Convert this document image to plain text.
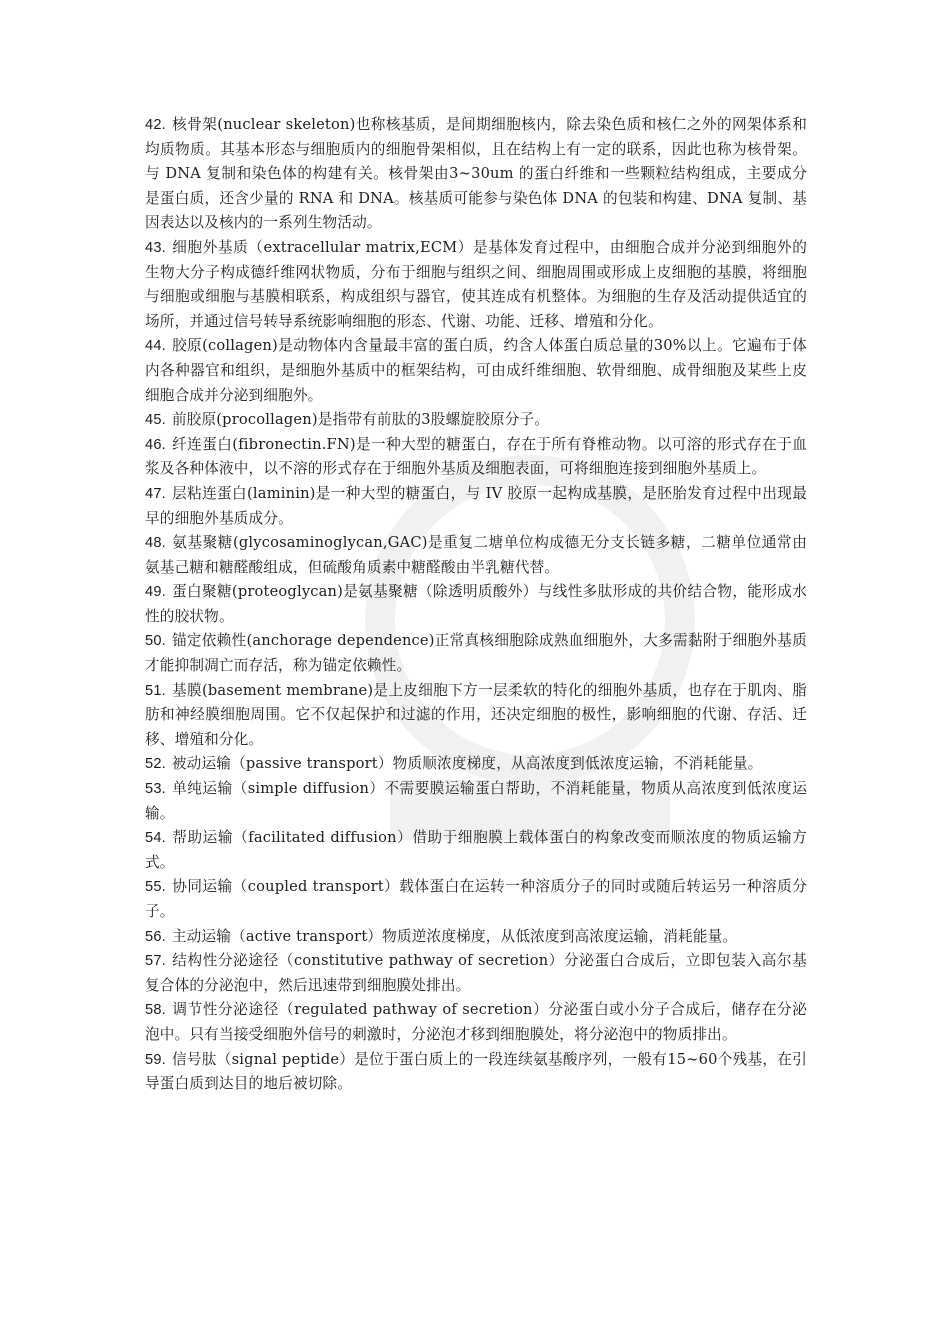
42. 核骨架(nuclear skeleton)也称核基质，是间期细胞核内，除去染色质和核仁之外的网架体系和均质物质。其基本形态与细胞质内的细胞骨架相似，且在结构上有一定的联系，因此也称为核骨架。与 DNA 复制和染色体的构建有关。核骨架由3~30um 的蛋白纤维和一些颗粒结构组成，主要成分是蛋白质，还含少量的 RNA 和 DNA。核基质可能参与染色体 DNA 的包装和构建、DNA 复制、基因表达以及核内的一系列生物活动。

43. 细胞外基质（extracellular matrix,ECM）是基体发育过程中，由细胞合成并分泌到细胞外的生物大分子构成德纤维网状物质，分布于细胞与组织之间、细胞周围或形成上皮细胞的基膜，将细胞与细胞或细胞与基膜相联系，构成组织与器官，使其连成有机整体。为细胞的生存及活动提供适宜的场所，并通过信号转导系统影响细胞的形态、代谢、功能、迁移、增殖和分化。

44. 胶原(collagen)是动物体内含量最丰富的蛋白质，约含人体蛋白质总量的30%以上。它遍布于体内各种器官和组织，是细胞外基质中的框架结构，可由成纤维细胞、软骨细胞、成骨细胞及某些上皮细胞合成并分泌到细胞外。

45. 前胶原(procollagen)是指带有前肽的3股螺旋胶原分子。

46. 纤连蛋白(fibronectin.FN)是一种大型的糖蛋白，存在于所有脊椎动物。以可溶的形式存在于血浆及各种体液中，以不溶的形式存在于细胞外基质及细胞表面，可将细胞连接到细胞外基质上。

47. 层粘连蛋白(laminin)是一种大型的糖蛋白，与 IV 胶原一起构成基膜，是胚胎发育过程中出现最早的细胞外基质成分。

48. 氨基聚糖(glycosaminoglycan,GAC)是重复二塘单位构成德无分支长链多糖，二糖单位通常由氨基己糖和糖醛酸组成，但硫酸角质素中糖醛酸由半乳糖代替。

49. 蛋白聚糖(proteoglycan)是氨基聚糖（除透明质酸外）与线性多肽形成的共价结合物，能形成水性的胶状物。

50. 锚定依赖性(anchorage dependence)正常真核细胞除成熟血细胞外，大多需黏附于细胞外基质才能抑制凋亡而存活，称为锚定依赖性。

51. 基膜(basement membrane)是上皮细胞下方一层柔软的特化的细胞外基质，也存在于肌肉、脂肪和神经膜细胞周围。它不仅起保护和过滤的作用，还决定细胞的极性，影响细胞的代谢、存活、迁移、增殖和分化。

52. 被动运输（passive transport）物质顺浓度梯度，从高浓度到低浓度运输，不消耗能量。

53. 单纯运输（simple diffusion）不需要膜运输蛋白帮助，不消耗能量，物质从高浓度到低浓度运输。

54. 帮助运输（facilitated diffusion）借助于细胞膜上载体蛋白的构象改变而顺浓度的物质运输方式。

55. 协同运输（coupled transport）载体蛋白在运转一种溶质分子的同时或随后转运另一种溶质分子。

56. 主动运输（active transport）物质逆浓度梯度，从低浓度到高浓度运输，消耗能量。

57. 结构性分泌途径（constitutive pathway of secretion）分泌蛋白合成后，立即包装入高尔基复合体的分泌泡中，然后迅速带到细胞膜处排出。

58. 调节性分泌途径（regulated pathway of secretion）分泌蛋白或小分子合成后，储存在分泌泡中。只有当接受细胞外信号的刺激时，分泌泡才移到细胞膜处，将分泌泡中的物质排出。

59. 信号肽（signal peptide）是位于蛋白质上的一段连续氨基酸序列，一般有15~60个残基，在引导蛋白质到达目的地后被切除。
